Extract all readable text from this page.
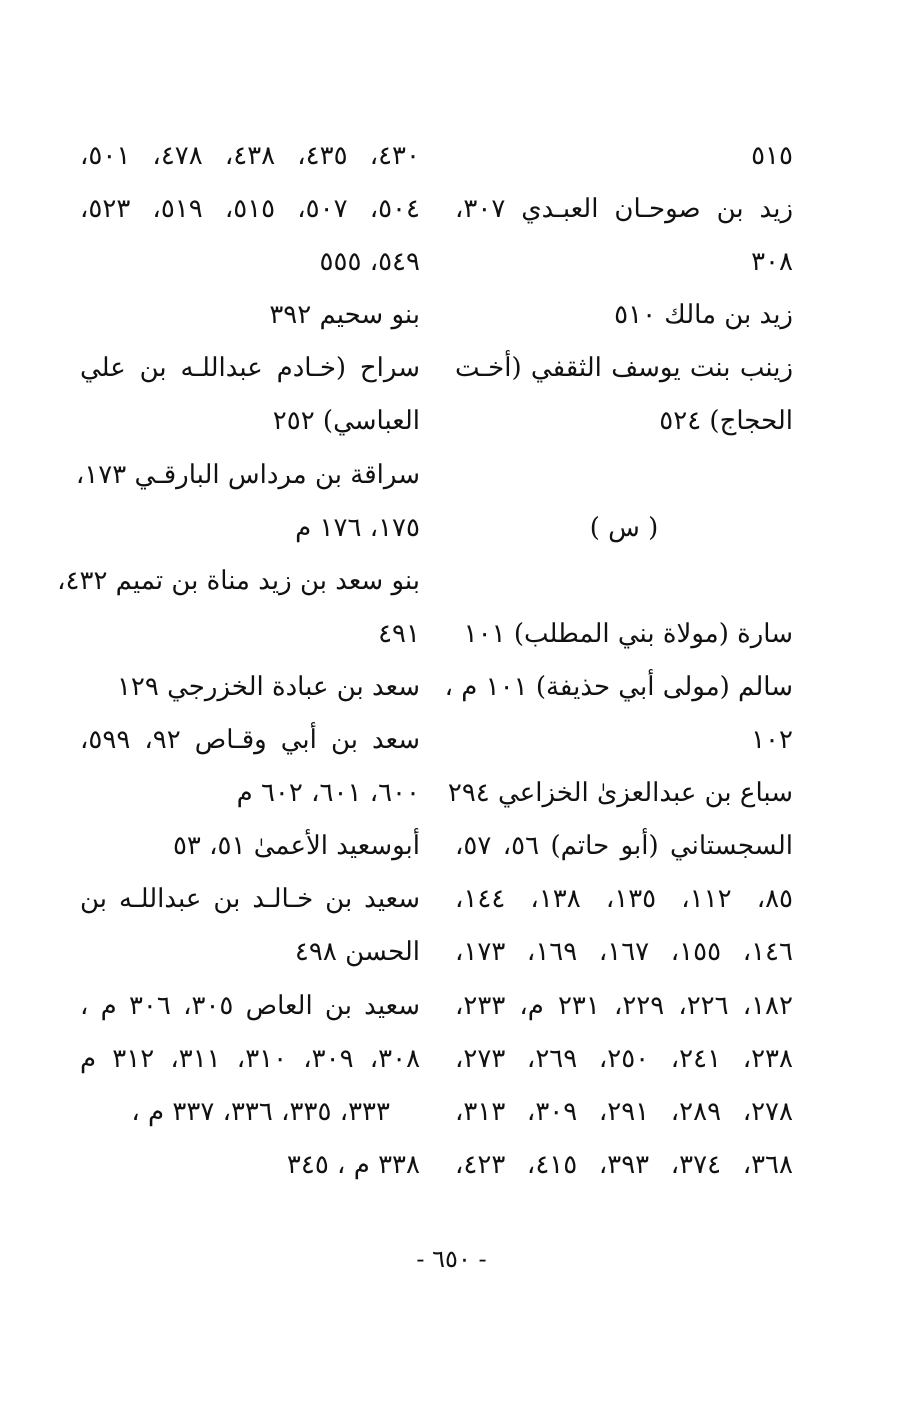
٥١٥
زيد بن صوحـان العبـدي ٣٠٧،
٣٠٨
زيد بن مالك ٥١٠
زينب بنت يوسف الثقفي (أخـت
الحجاج) ٥٢٤
( س )
سارة (مولاة بني المطلب) ١٠١
سالم (مولى أبي حذيفة) ١٠١ م ،
١٠٢
سباع بن عبدالعزىٰ الخزاعي ٢٩٤
السجستاني (أبو حاتم) ٥٦، ٥٧،
٨٥، ١١٢، ١٣٥، ١٣٨، ١٤٤،
١٤٦، ١٥٥، ١٦٧، ١٦٩، ١٧٣،
١٨٢، ٢٢٦، ٢٢٩، ٢٣١ م، ٢٣٣،
٢٣٨، ٢٤١، ٢٥٠، ٢٦٩، ٢٧٣،
٢٧٨، ٢٨٩، ٢٩١، ٣٠٩، ٣١٣،
٣٦٨، ٣٧٤، ٣٩٣، ٤١٥، ٤٢٣،
٤٣٠، ٤٣٥، ٤٣٨، ٤٧٨، ٥٠١،
٥٠٤، ٥٠٧، ٥١٥، ٥١٩، ٥٢٣،
٥٤٩، ٥٥٥
بنو سحيم ٣٩٢
سراح (خـادم عبداللـه بن علي
العباسي) ٢٥٢
سراقة بن مرداس البارقـي ١٧٣،
١٧٥، ١٧٦ م
بنو سعد بن زيد مناة بن تميم ٤٣٢،
٤٩١
سعد بن عبادة الخزرجي ١٢٩
سعد بن أبي وقـاص ٩٢، ٥٩٩،
٦٠٠، ٦٠١، ٦٠٢ م
أبوسعيد الأعمىٰ ٥١، ٥٣
سعيد بن خـالـد بن عبداللـه بن
الحسن ٤٩٨
سعيد بن العاص ٣٠٥، ٣٠٦ م ،
٣٠٨، ٣٠٩، ٣١٠، ٣١١، ٣١٢ م
٣٣٣، ٣٣٥، ٣٣٦، ٣٣٧ م ،
٣٣٨ م ، ٣٤٥
- ٦٥٠ -
